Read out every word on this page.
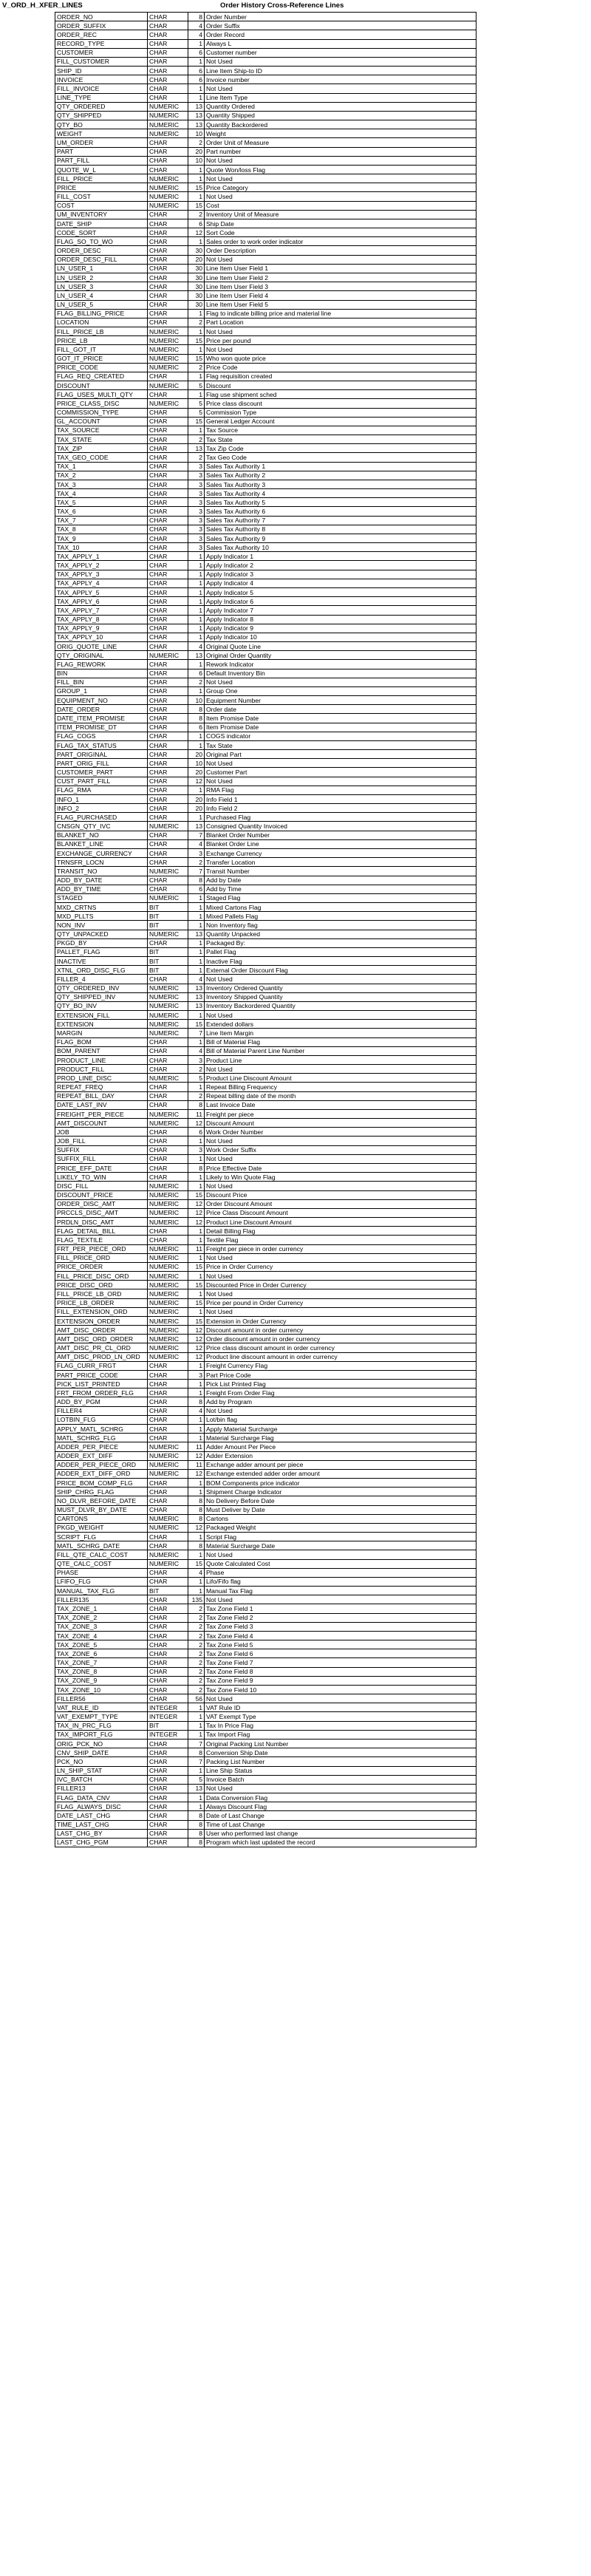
V_ORD_H_XFER_LINES	Order History Cross-Reference Lines
ORDER_NO	CHAR	8	Order Number
ORDER_SUFFIX	CHAR	4	Order Suffix
ORDER_REC	CHAR	4	Order Record
RECORD_TYPE	CHAR	1	Always L
CUSTOMER	CHAR	6	Customer number
FILL_CUSTOMER	CHAR	1	Not Used
SHIP_ID	CHAR	6	Line Item Ship-to ID
INVOICE	CHAR	6	Invoice number
FILL_INVOICE	CHAR	1	Not Used
LINE_TYPE	CHAR	1	Line Item Type
QTY_ORDERED	NUMERIC	13	Quantity Ordered
QTY_SHIPPED	NUMERIC	13	Quantity Shipped
QTY_BO	NUMERIC	13	Quantity Backordered
WEIGHT	NUMERIC	10	Weight
UM_ORDER	CHAR	2	Order Unit of Measure
PART	CHAR	20	Part number
PART_FILL	CHAR	10	Not Used
QUOTE_W_L	CHAR	1	Quote Won/loss Flag
FILL_PRICE	NUMERIC	1	Not Used
PRICE	NUMERIC	15	Price Category
FILL_COST	NUMERIC	1	Not Used
COST	NUMERIC	15	Cost
UM_INVENTORY	CHAR	2	Inventory Unit of Measure
DATE_SHIP	CHAR	6	Ship Date
CODE_SORT	CHAR	12	Sort Code
FLAG_SO_TO_WO	CHAR	1	Sales order to work order indicator
ORDER_DESC	CHAR	30	Order Description
ORDER_DESC_FILL	CHAR	20	Not Used
LN_USER_1	CHAR	30	Line Item User Field 1
LN_USER_2	CHAR	30	Line Item User Field 2
LN_USER_3	CHAR	30	Line Item User Field 3
LN_USER_4	CHAR	30	Line Item User Field 4
LN_USER_5	CHAR	30	Line Item User Field 5
FLAG_BILLING_PRICE	CHAR	1	Flag to indicate billing price and material line
LOCATION	CHAR	2	Part Location
FILL_PRICE_LB	NUMERIC	1	Not Used
PRICE_LB	NUMERIC	15	Price per pound
FILL_GOT_IT	NUMERIC	1	Not Used
GOT_IT_PRICE	NUMERIC	15	Who won quote price
PRICE_CODE	NUMERIC	2	Price Code
FLAG_REQ_CREATED	CHAR	1	Flag requisition created
DISCOUNT	NUMERIC	5	Discount
FLAG_USES_MULTI_QTY	CHAR	1	Flag use shipment sched
PRICE_CLASS_DISC	NUMERIC	5	Price class discount
COMMISSION_TYPE	CHAR	5	Commission Type
GL_ACCOUNT	CHAR	15	General Ledger Account
TAX_SOURCE	CHAR	1	Tax Source
TAX_STATE	CHAR	2	Tax State
TAX_ZIP	CHAR	13	Tax Zip Code
TAX_GEO_CODE	CHAR	2	Tax Geo Code
TAX_1	CHAR	3	Sales Tax Authority 1
TAX_2	CHAR	3	Sales Tax Authority 2
TAX_3	CHAR	3	Sales Tax Authority 3
TAX_4	CHAR	3	Sales Tax Authority 4
TAX_5	CHAR	3	Sales Tax Authority 5
TAX_6	CHAR	3	Sales Tax Authority 6
TAX_7	CHAR	3	Sales Tax Authority 7
TAX_8	CHAR	3	Sales Tax Authority 8
TAX_9	CHAR	3	Sales Tax Authority 9
TAX_10	CHAR	3	Sales Tax Authority 10
TAX_APPLY_1	CHAR	1	Apply Indicator 1
TAX_APPLY_2	CHAR	1	Apply Indicator 2
TAX_APPLY_3	CHAR	1	Apply Indicator 3
TAX_APPLY_4	CHAR	1	Apply Indicator 4
TAX_APPLY_5	CHAR	1	Apply Indicator 5
TAX_APPLY_6	CHAR	1	Apply Indicator 6
TAX_APPLY_7	CHAR	1	Apply Indicator 7
TAX_APPLY_8	CHAR	1	Apply Indicator 8
TAX_APPLY_9	CHAR	1	Apply Indicator 9
TAX_APPLY_10	CHAR	1	Apply Indicator 10
ORIG_QUOTE_LINE	CHAR	4	Original Quote Line
QTY_ORIGINAL	NUMERIC	13	Original Order Quantity
FLAG_REWORK	CHAR	1	Rework Indicator
BIN	CHAR	6	Default Inventory Bin
FILL_BIN	CHAR	2	Not Used
GROUP_1	CHAR	1	Group One
EQUIPMENT_NO	CHAR	10	Equipment Number
DATE_ORDER	CHAR	8	Order date
DATE_ITEM_PROMISE	CHAR	8	Item Promise Date
ITEM_PROMISE_DT	CHAR	6	Item Promise Date
FLAG_COGS	CHAR	1	COGS indicator
FLAG_TAX_STATUS	CHAR	1	Tax State
PART_ORIGINAL	CHAR	20	Original Part
PART_ORIG_FILL	CHAR	10	Not Used
CUSTOMER_PART	CHAR	20	Customer Part
CUST_PART_FILL	CHAR	12	Not Used
FLAG_RMA	CHAR	1	RMA Flag
INFO_1	CHAR	20	Info Field 1
INFO_2	CHAR	20	Info Field 2
FLAG_PURCHASED	CHAR	1	Purchased Flag
CNSGN_QTY_IVC	NUMERIC	13	Consigned Quantity Invoiced
BLANKET_NO	CHAR	7	Blanket Order Number
BLANKET_LINE	CHAR	4	Blanket Order Line
EXCHANGE_CURRENCY	CHAR	3	Exchange Currency
TRNSFR_LOCN	CHAR	2	Transfer Location
TRANSIT_NO	NUMERIC	7	Transit Number
ADD_BY_DATE	CHAR	8	Add by Date
ADD_BY_TIME	CHAR	6	Add by Time
STAGED	NUMERIC	1	Staged Flag
MXD_CRTNS	BIT	1	Mixed Cartons Flag
MXD_PLLTS	BIT	1	Mixed Pallets Flag
NON_INV	BIT	1	Non Inventory flag
QTY_UNPACKED	NUMERIC	13	Quantity Unpacked
PKGD_BY	CHAR	1	Packaged By:
PALLET_FLAG	BIT	1	Pallet Flag
INACTIVE	BIT	1	Inactive Flag
XTNL_ORD_DISC_FLG	BIT	1	External Order Discount Flag
FILLER_4	CHAR	4	Not Used
QTY_ORDERED_INV	NUMERIC	13	Inventory Ordered Quantity
QTY_SHIPPED_INV	NUMERIC	13	Inventory Shipped Quantity
QTY_BO_INV	NUMERIC	13	Inventory Backordered Quantity
EXTENSION_FILL	NUMERIC	1	Not Used
EXTENSION	NUMERIC	15	Extended dollars
MARGIN	NUMERIC	7	Line Item Margin
FLAG_BOM	CHAR	1	Bill of Material Flag
BOM_PARENT	CHAR	4	Bill of Material Parent Line Number
PRODUCT_LINE	CHAR	3	Product Line
PRODUCT_FILL	CHAR	2	Not Used
PROD_LINE_DISC	NUMERIC	5	Product Line Discount Amount
REPEAT_FREQ	CHAR	1	Repeat Billing Frequency
REPEAT_BILL_DAY	CHAR	2	Repeat billing date of the month
DATE_LAST_INV	CHAR	8	Last Invoice Date
FREIGHT_PER_PIECE	NUMERIC	11	Freight per piece
AMT_DISCOUNT	NUMERIC	12	Discount Amount
JOB	CHAR	6	Work Order Number
JOB_FILL	CHAR	1	Not Used
SUFFIX	CHAR	3	Work Order Suffix
SUFFIX_FILL	CHAR	1	Not Used
PRICE_EFF_DATE	CHAR	8	Price Effective Date
LIKELY_TO_WIN	CHAR	1	Likely to Win Quote Flag
DISC_FILL	NUMERIC	1	Not Used
DISCOUNT_PRICE	NUMERIC	15	Discount Price
ORDER_DISC_AMT	NUMERIC	12	Order Discount Amount
PRCCLS_DISC_AMT	NUMERIC	12	Price Class Discount Amount
PRDLN_DISC_AMT	NUMERIC	12	Product Line Discount Amount
FLAG_DETAIL_BILL	CHAR	1	Detail Billing Flag
FLAG_TEXTILE	CHAR	1	Textile Flag
FRT_PER_PIECE_ORD	NUMERIC	11	Freight per piece in order currency
FILL_PRICE_ORD	NUMERIC	1	Not Used
PRICE_ORDER	NUMERIC	15	Price in Order Currency
FILL_PRICE_DISC_ORD	NUMERIC	1	Not Used
PRICE_DISC_ORD	NUMERIC	15	Discounted Price in Order Currency
FILL_PRICE_LB_ORD	NUMERIC	1	Not Used
PRICE_LB_ORDER	NUMERIC	15	Price per pound in Order Currency
FILL_EXTENSION_ORD	NUMERIC	1	Not Used
EXTENSION_ORDER	NUMERIC	15	Extension in Order Currency
AMT_DISC_ORDER	NUMERIC	12	Discount amount in order currency
AMT_DISC_ORD_ORDER	NUMERIC	12	Order discount amount in order currency
AMT_DISC_PR_CL_ORD	NUMERIC	12	Price class discount amount in order currency
AMT_DISC_PROD_LN_ORD	NUMERIC	12	Product line discount amount in order currency
FLAG_CURR_FRGT	CHAR	1	Freight Currency Flag
PART_PRICE_CODE	CHAR	3	Part Price Code
PICK_LIST_PRINTED	CHAR	1	Pick List Printed Flag
FRT_FROM_ORDER_FLG	CHAR	1	Freight From Order Flag
ADD_BY_PGM	CHAR	8	Add by Program
FILLER4	CHAR	4	Not Used
LOTBIN_FLG	CHAR	1	Lot/bin flag
APPLY_MATL_SCHRG	CHAR	1	Apply Material Surcharge
MATL_SCHRG_FLG	CHAR	1	Material Surcharge Flag
ADDER_PER_PIECE	NUMERIC	11	Adder Amount Per Piece
ADDER_EXT_DIFF	NUMERIC	12	Adder Extension
ADDER_PER_PIECE_ORD	NUMERIC	11	Exchange adder amount per piece
ADDER_EXT_DIFF_ORD	NUMERIC	12	Exchange extended adder order amount
PRICE_BOM_COMP_FLG	CHAR	1	BOM Components price indicator
SHIP_CHRG_FLAG	CHAR	1	Shipment Charge Indicator
NO_DLVR_BEFORE_DATE	CHAR	8	No Delivery Before Date
MUST_DLVR_BY_DATE	CHAR	8	Must Deliver by Date
CARTONS	NUMERIC	8	Cartons
PKGD_WEIGHT	NUMERIC	12	Packaged Weight
SCRIPT_FLG	CHAR	1	Script Flag
MATL_SCHRG_DATE	CHAR	8	Material Surcharge Date
FILL_QTE_CALC_COST	NUMERIC	1	Not Used
QTE_CALC_COST	NUMERIC	15	Quote Calculated Cost
PHASE	CHAR	4	Phase
LFIFO_FLG	CHAR	1	Lifo/Fifo flag
MANUAL_TAX_FLG	BIT	1	Manual Tax Flag
FILLER135	CHAR	135	Not Used
TAX_ZONE_1	CHAR	2	Tax Zone Field 1
TAX_ZONE_2	CHAR	2	Tax Zone Field 2
TAX_ZONE_3	CHAR	2	Tax Zone Field 3
TAX_ZONE_4	CHAR	2	Tax Zone Field 4
TAX_ZONE_5	CHAR	2	Tax Zone Field 5
TAX_ZONE_6	CHAR	2	Tax Zone Field 6
TAX_ZONE_7	CHAR	2	Tax Zone Field 7
TAX_ZONE_8	CHAR	2	Tax Zone Field 8
TAX_ZONE_9	CHAR	2	Tax Zone Field 9
TAX_ZONE_10	CHAR	2	Tax Zone Field 10
FILLER56	CHAR	56	Not Used
VAT_RULE_ID	INTEGER	1	VAT Rule ID
VAT_EXEMPT_TYPE	INTEGER	1	VAT Exempt Type
TAX_IN_PRC_FLG	BIT	1	Tax In Price Flag
TAX_IMPORT_FLG	INTEGER	1	Tax Import Flag
ORIG_PCK_NO	CHAR	7	Original Packing List Number
CNV_SHIP_DATE	CHAR	8	Conversion Ship Date
PCK_NO	CHAR	7	Packing List Number
LN_SHIP_STAT	CHAR	1	Line Ship Status
IVC_BATCH	CHAR	5	Invoice Batch
FILLER13	CHAR	13	Not Used
FLAG_DATA_CNV	CHAR	1	Data Conversion Flag
FLAG_ALWAYS_DISC	CHAR	1	Always Discount Flag
DATE_LAST_CHG	CHAR	8	Date of Last Change
TIME_LAST_CHG	CHAR	8	Time of Last Change
LAST_CHG_BY	CHAR	8	User who performed last change
LAST_CHG_PGM	CHAR	8	Program which last updated the record
